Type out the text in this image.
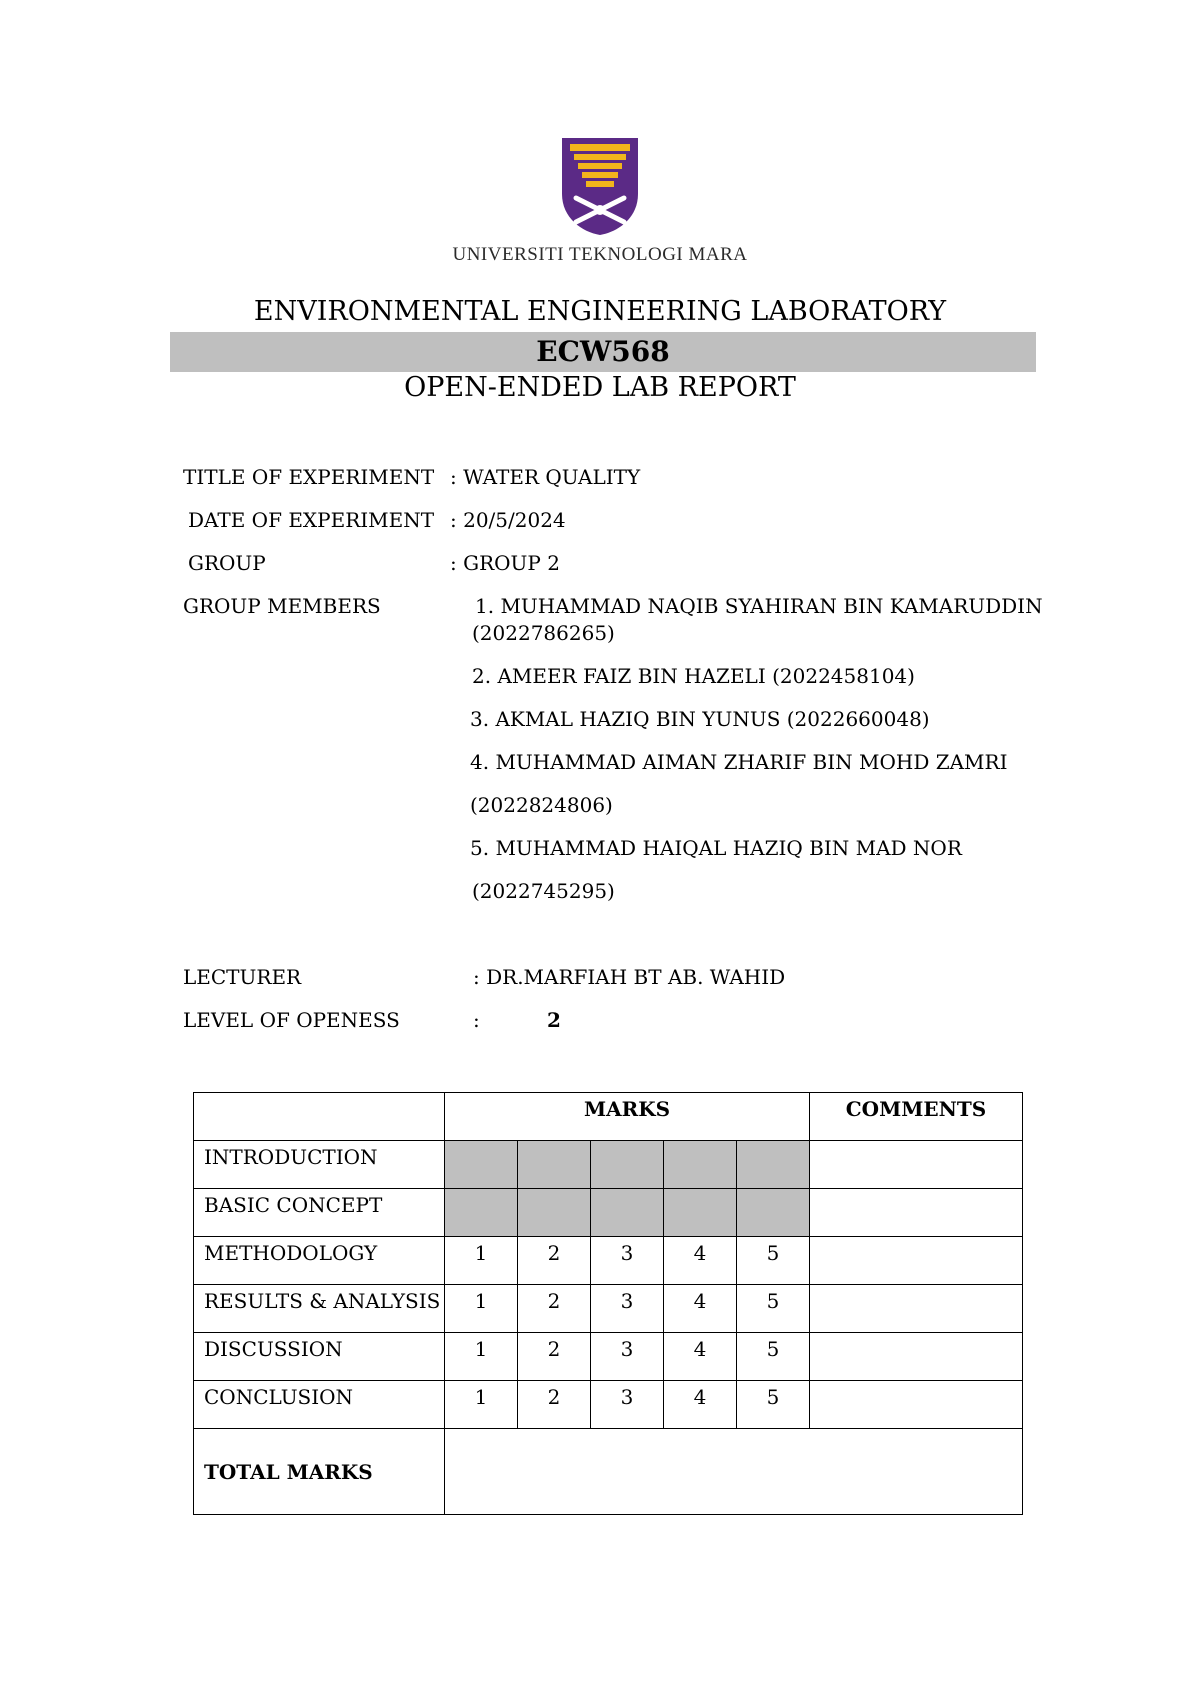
UNIVERSITI TEKNOLOGI MARA
ENVIRONMENTAL ENGINEERING LABORATORY
ECW568
OPEN-ENDED LAB REPORT
TITLE OF EXPERIMENT : WATER QUALITY
DATE OF EXPERIMENT : 20/5/2024
GROUP	: GROUP 2
GROUP MEMBERS	1. MUHAMMAD NAQIB SYAHIRAN BIN KAMARUDDIN
(2022786265)
2. AMEER FAIZ BIN HAZELI (2022458104)
3. AKMAL HAZIQ BIN YUNUS (2022660048)
4. MUHAMMAD AIMAN ZHARIF BIN MOHD ZAMRI
(2022824806)
5. MUHAMMAD HAIQAL HAZIQ BIN MAD NOR
(2022745295)
LECTURER	: DR.MARFIAH BT AB. WAHID
LEVEL OF OPENESS	:	2
	MARKS					COMMENTS
INTRODUCTION						
BASIC CONCEPT						
METHODOLOGY	1	2	3	4	5	
RESULTS & ANALYSIS	1	2	3	4	5	
DISCUSSION	1	2	3	4	5	
CONCLUSION	1	2	3	4	5	
TOTAL MARKS						
